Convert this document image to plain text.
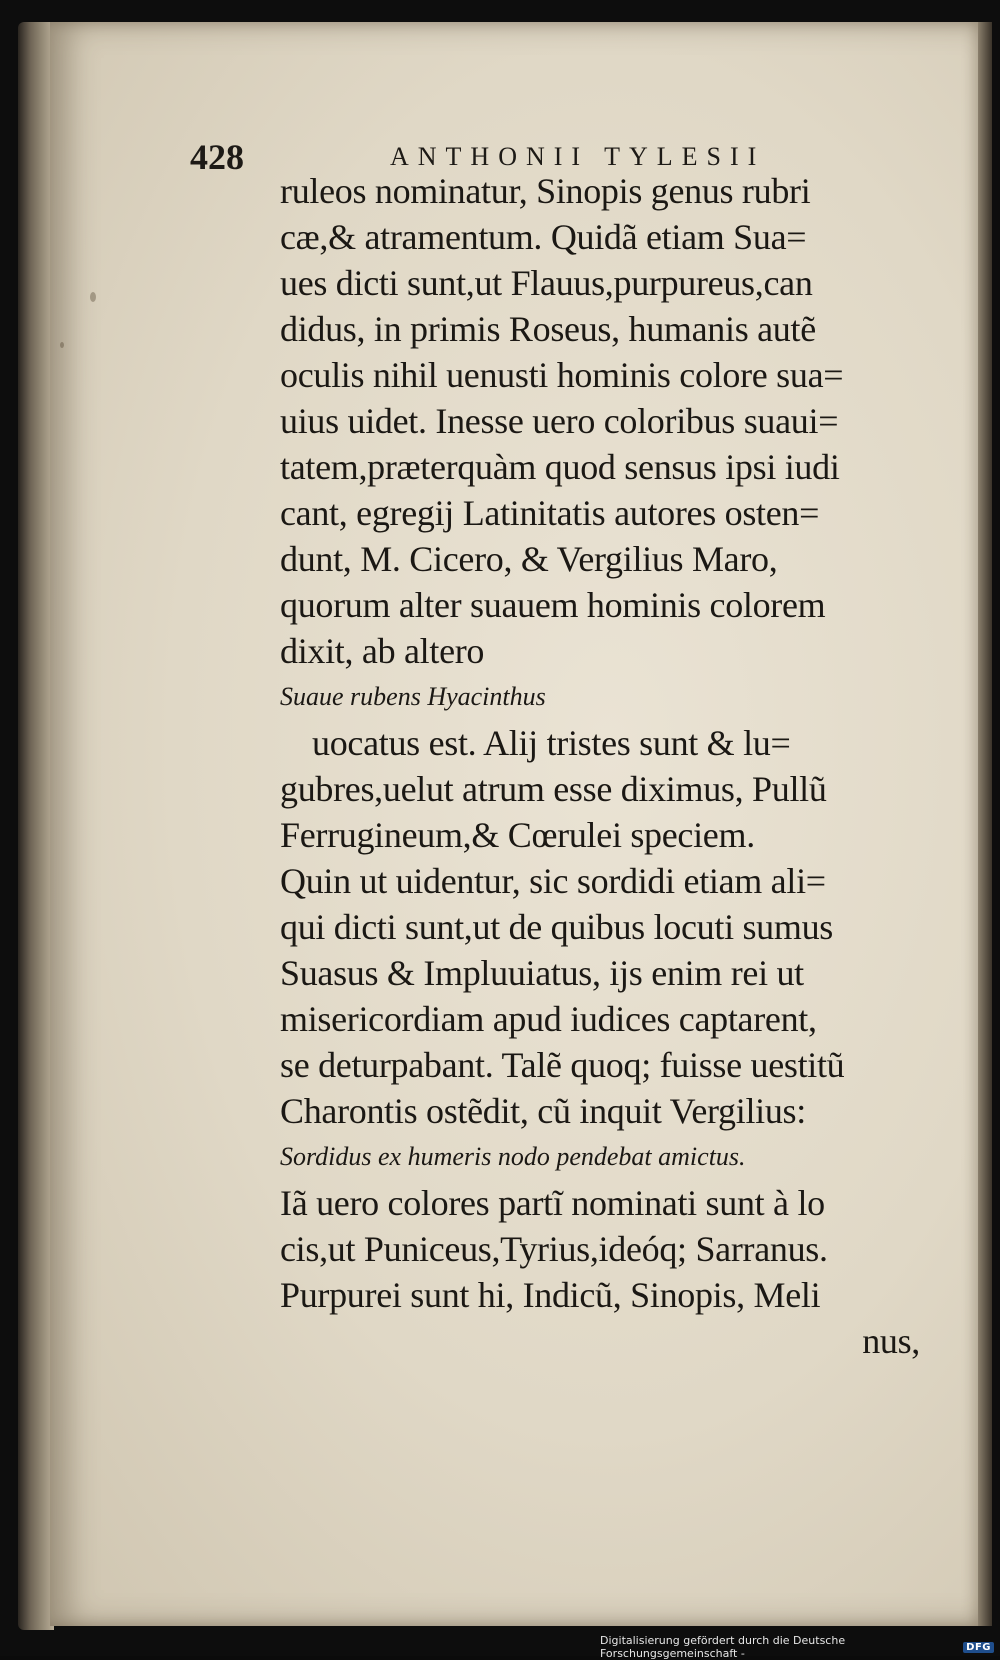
428	ANTHONII TYLESII
ruleos nominatur, Sinopis genus rubri
cæ,& atramentum. Quidã etiam Sua=
ues dicti sunt,ut Flauus,purpureus,can
didus, in primis Roseus, humanis autẽ
oculis nihil uenusti hominis colore sua=
uius uidet. Inesse uero coloribus suaui=
tatem,præterquàm quod sensus ipsi iudi
cant, egregij Latinitatis autores osten=
dunt, M. Cicero, & Vergilius Maro,
quorum alter suauem hominis colorem
dixit, ab altero
Suaue rubens Hyacinthus
uocatus est. Alij tristes sunt & lu=
gubres,uelut atrum esse diximus, Pullũ
Ferrugineum,& Cœrulei speciem.
Quin ut uidentur, sic sordidi etiam ali=
qui dicti sunt,ut de quibus locuti sumus
Suasus & Impluuiatus, ijs enim rei ut
misericordiam apud iudices captarent,
se deturpabant. Talẽ quoq; fuisse uestitũ
Charontis ostẽdit, cũ inquit Vergilius:
Sordidus ex humeris nodo pendebat amictus.
Iã uero colores partĩ nominati sunt à lo
cis,ut Puniceus,Tyrius,ideóq; Sarranus.
Purpurei sunt hi, Indicũ, Sinopis, Meli
nus,
Digitalisierung gefördert durch die Deutsche Forschungsgemeinschaft -	DFG
